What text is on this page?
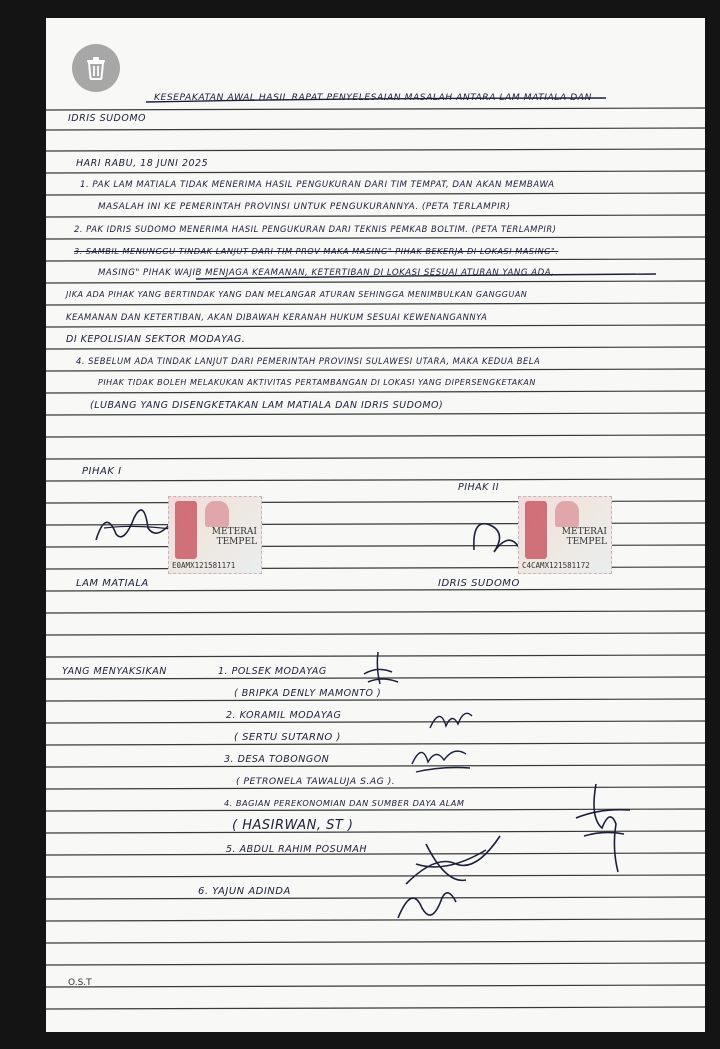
KESEPAKATAN AWAL HASIL RAPAT PENYELESAIAN MASALAH ANTARA LAM MATIALA DAN
IDRIS SUDOMO
HARI RABU, 18 JUNI 2025
1. PAK LAM MATIALA TIDAK MENERIMA HASIL PENGUKURAN DARI TIM TEMPAT, DAN AKAN MEMBAWA
MASALAH INI KE PEMERINTAH PROVINSI UNTUK PENGUKURANNYA. (PETA TERLAMPIR)
2. PAK IDRIS SUDOMO MENERIMA HASIL PENGUKURAN DARI TEKNIS PEMKAB BOLTIM. (PETA TERLAMPIR)
3. SAMBIL MENUNGGU TINDAK LANJUT DARI TIM PROV MAKA MASING" PIHAK BEKERJA DI LOKASI MASING".
MASING" PIHAK WAJIB MENJAGA KEAMANAN, KETERTIBAN DI LOKASI SESUAI ATURAN YANG ADA,
JIKA ADA PIHAK YANG BERTINDAK YANG DAN MELANGAR ATURAN SEHINGGA MENIMBULKAN GANGGUAN
KEAMANAN DAN KETERTIBAN, AKAN DIBAWAH KERANAH HUKUM SESUAI KEWENANGANNYA
DI KEPOLISIAN SEKTOR MODAYAG.
4. SEBELUM ADA TINDAK LANJUT DARI PEMERINTAH PROVINSI SULAWESI UTARA, MAKA KEDUA BELA
PIHAK TIDAK BOLEH MELAKUKAN AKTIVITAS PERTAMBANGAN DI LOKASI YANG DIPERSENGKETAKAN
(LUBANG YANG DISENGKETAKAN LAM MATIALA DAN IDRIS SUDOMO)
PIHAK I
METERAI TEMPEL
E0AMX121581171
LAM MATIALA
PIHAK II
METERAI TEMPEL
C4CAMX121581172
IDRIS SUDOMO
YANG MENYAKSIKAN	1. POLSEK MODAYAG
( BRIPKA DENLY MAMONTO )
2. KORAMIL MODAYAG
( SERTU SUTARNO )
3. DESA TOBONGON
( PETRONELA TAWALUJA S.AG ).
4. BAGIAN PEREKONOMIAN DAN SUMBER DAYA ALAM
( HASIRWAN, ST )
5. ABDUL RAHIM POSUMAH
6. YAJUN ADINDA
O.S.T
